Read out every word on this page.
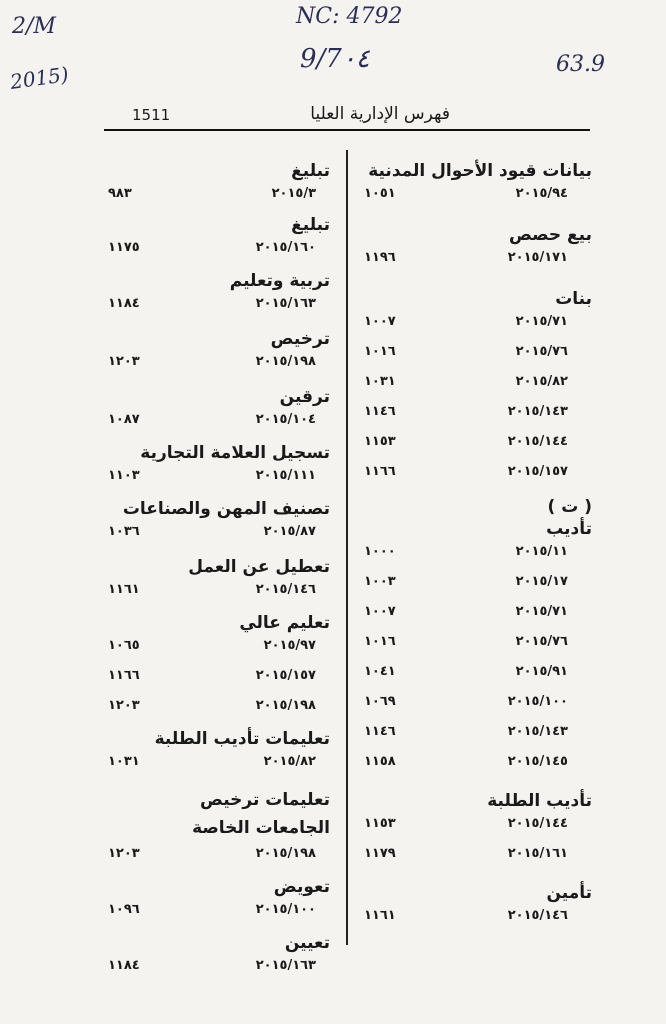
2/M
2015)
NC: 4792
9/7٠٤	63.9
فهرس الإدارية العليا
1511
بيانات قيود الأحوال المدنية
٢٠١٥/٩٤
١٠٥١
بيع حصص
٢٠١٥/١٧١
١١٩٦
بنات
٢٠١٥/٧١
١٠٠٧
٢٠١٥/٧٦
١٠١٦
٢٠١٥/٨٢
١٠٣١
٢٠١٥/١٤٣
١١٤٦
٢٠١٥/١٤٤
١١٥٣
٢٠١٥/١٥٧
١١٦٦
( ت )
تأديب
٢٠١٥/١١
١٠٠٠
٢٠١٥/١٧
١٠٠٣
٢٠١٥/٧١
١٠٠٧
٢٠١٥/٧٦
١٠١٦
٢٠١٥/٩١
١٠٤١
٢٠١٥/١٠٠
١٠٦٩
٢٠١٥/١٤٣
١١٤٦
٢٠١٥/١٤٥
١١٥٨
تأديب الطلبة
٢٠١٥/١٤٤
١١٥٣
٢٠١٥/١٦١
١١٧٩
تأمين
٢٠١٥/١٤٦
١١٦١
تبليغ
٢٠١٥/٣
٩٨٣
تبليغ
٢٠١٥/١٦٠
١١٧٥
تربية وتعليم
٢٠١٥/١٦٣
١١٨٤
ترخيص
٢٠١٥/١٩٨
١٢٠٣
ترقين
٢٠١٥/١٠٤
١٠٨٧
تسجيل العلامة التجارية
٢٠١٥/١١١
١١٠٣
تصنيف المهن والصناعات
٢٠١٥/٨٧
١٠٣٦
تعطيل عن العمل
٢٠١٥/١٤٦
١١٦١
تعليم عالي
٢٠١٥/٩٧
١٠٦٥
٢٠١٥/١٥٧
١١٦٦
٢٠١٥/١٩٨
١٢٠٣
تعليمات تأديب الطلبة
٢٠١٥/٨٢
١٠٣١
تعليمات ترخيص
الجامعات الخاصة
٢٠١٥/١٩٨
١٢٠٣
تعويض
٢٠١٥/١٠٠
١٠٩٦
تعيين
٢٠١٥/١٦٣
١١٨٤
